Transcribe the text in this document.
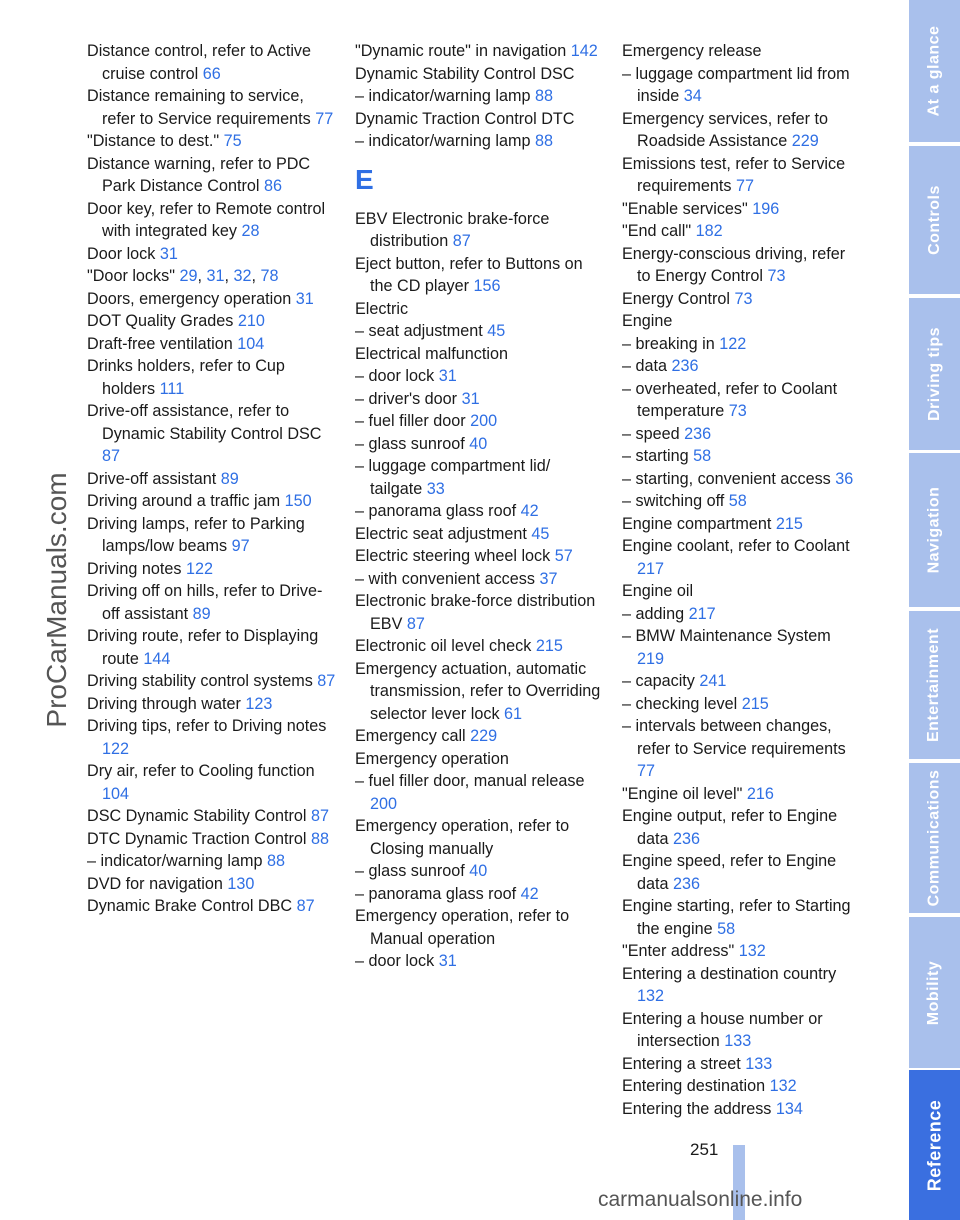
Distance control, refer to Active cruise control 66
Distance remaining to service, refer to Service requirements 77
"Distance to dest." 75
Distance warning, refer to PDC Park Distance Control 86
Door key, refer to Remote control with integrated key 28
Door lock 31
"Door locks" 29, 31, 32, 78
Doors, emergency operation 31
DOT Quality Grades 210
Draft-free ventilation 104
Drinks holders, refer to Cup holders 111
Drive-off assistance, refer to Dynamic Stability Control DSC 87
Drive-off assistant 89
Driving around a traffic jam 150
Driving lamps, refer to Parking lamps/low beams 97
Driving notes 122
Driving off on hills, refer to Drive-off assistant 89
Driving route, refer to Displaying route 144
Driving stability control systems 87
Driving through water 123
Driving tips, refer to Driving notes 122
Dry air, refer to Cooling function 104
DSC Dynamic Stability Control 87
DTC Dynamic Traction Control 88
– indicator/warning lamp 88
DVD for navigation 130
Dynamic Brake Control DBC 87
"Dynamic route" in navigation 142
Dynamic Stability Control DSC
– indicator/warning lamp 88
Dynamic Traction Control DTC
– indicator/warning lamp 88
E
EBV Electronic brake-force distribution 87
Eject button, refer to Buttons on the CD player 156
Electric
– seat adjustment 45
Electrical malfunction
– door lock 31
– driver's door 31
– fuel filler door 200
– glass sunroof 40
– luggage compartment lid/ tailgate 33
– panorama glass roof 42
Electric seat adjustment 45
Electric steering wheel lock 57
– with convenient access 37
Electronic brake-force distribution EBV 87
Electronic oil level check 215
Emergency actuation, automatic transmission, refer to Overriding selector lever lock 61
Emergency call 229
Emergency operation
– fuel filler door, manual release 200
Emergency operation, refer to Closing manually
– glass sunroof 40
– panorama glass roof 42
Emergency operation, refer to Manual operation
– door lock 31
Emergency release
– luggage compartment lid from inside 34
Emergency services, refer to Roadside Assistance 229
Emissions test, refer to Service requirements 77
"Enable services" 196
"End call" 182
Energy-conscious driving, refer to Energy Control 73
Energy Control 73
Engine
– breaking in 122
– data 236
– overheated, refer to Coolant temperature 73
– speed 236
– starting 58
– starting, convenient access 36
– switching off 58
Engine compartment 215
Engine coolant, refer to Coolant 217
Engine oil
– adding 217
– BMW Maintenance System 219
– capacity 241
– checking level 215
– intervals between changes, refer to Service requirements 77
"Engine oil level" 216
Engine output, refer to Engine data 236
Engine speed, refer to Engine data 236
Engine starting, refer to Starting the engine 58
"Enter address" 132
Entering a destination country 132
Entering a house number or intersection 133
Entering a street 133
Entering destination 132
Entering the address 134
At a glance
Controls
Driving tips
Navigation
Entertainment
Communications
Mobility
Reference
251
ProCarManuals.com
carmanualsonline.info
